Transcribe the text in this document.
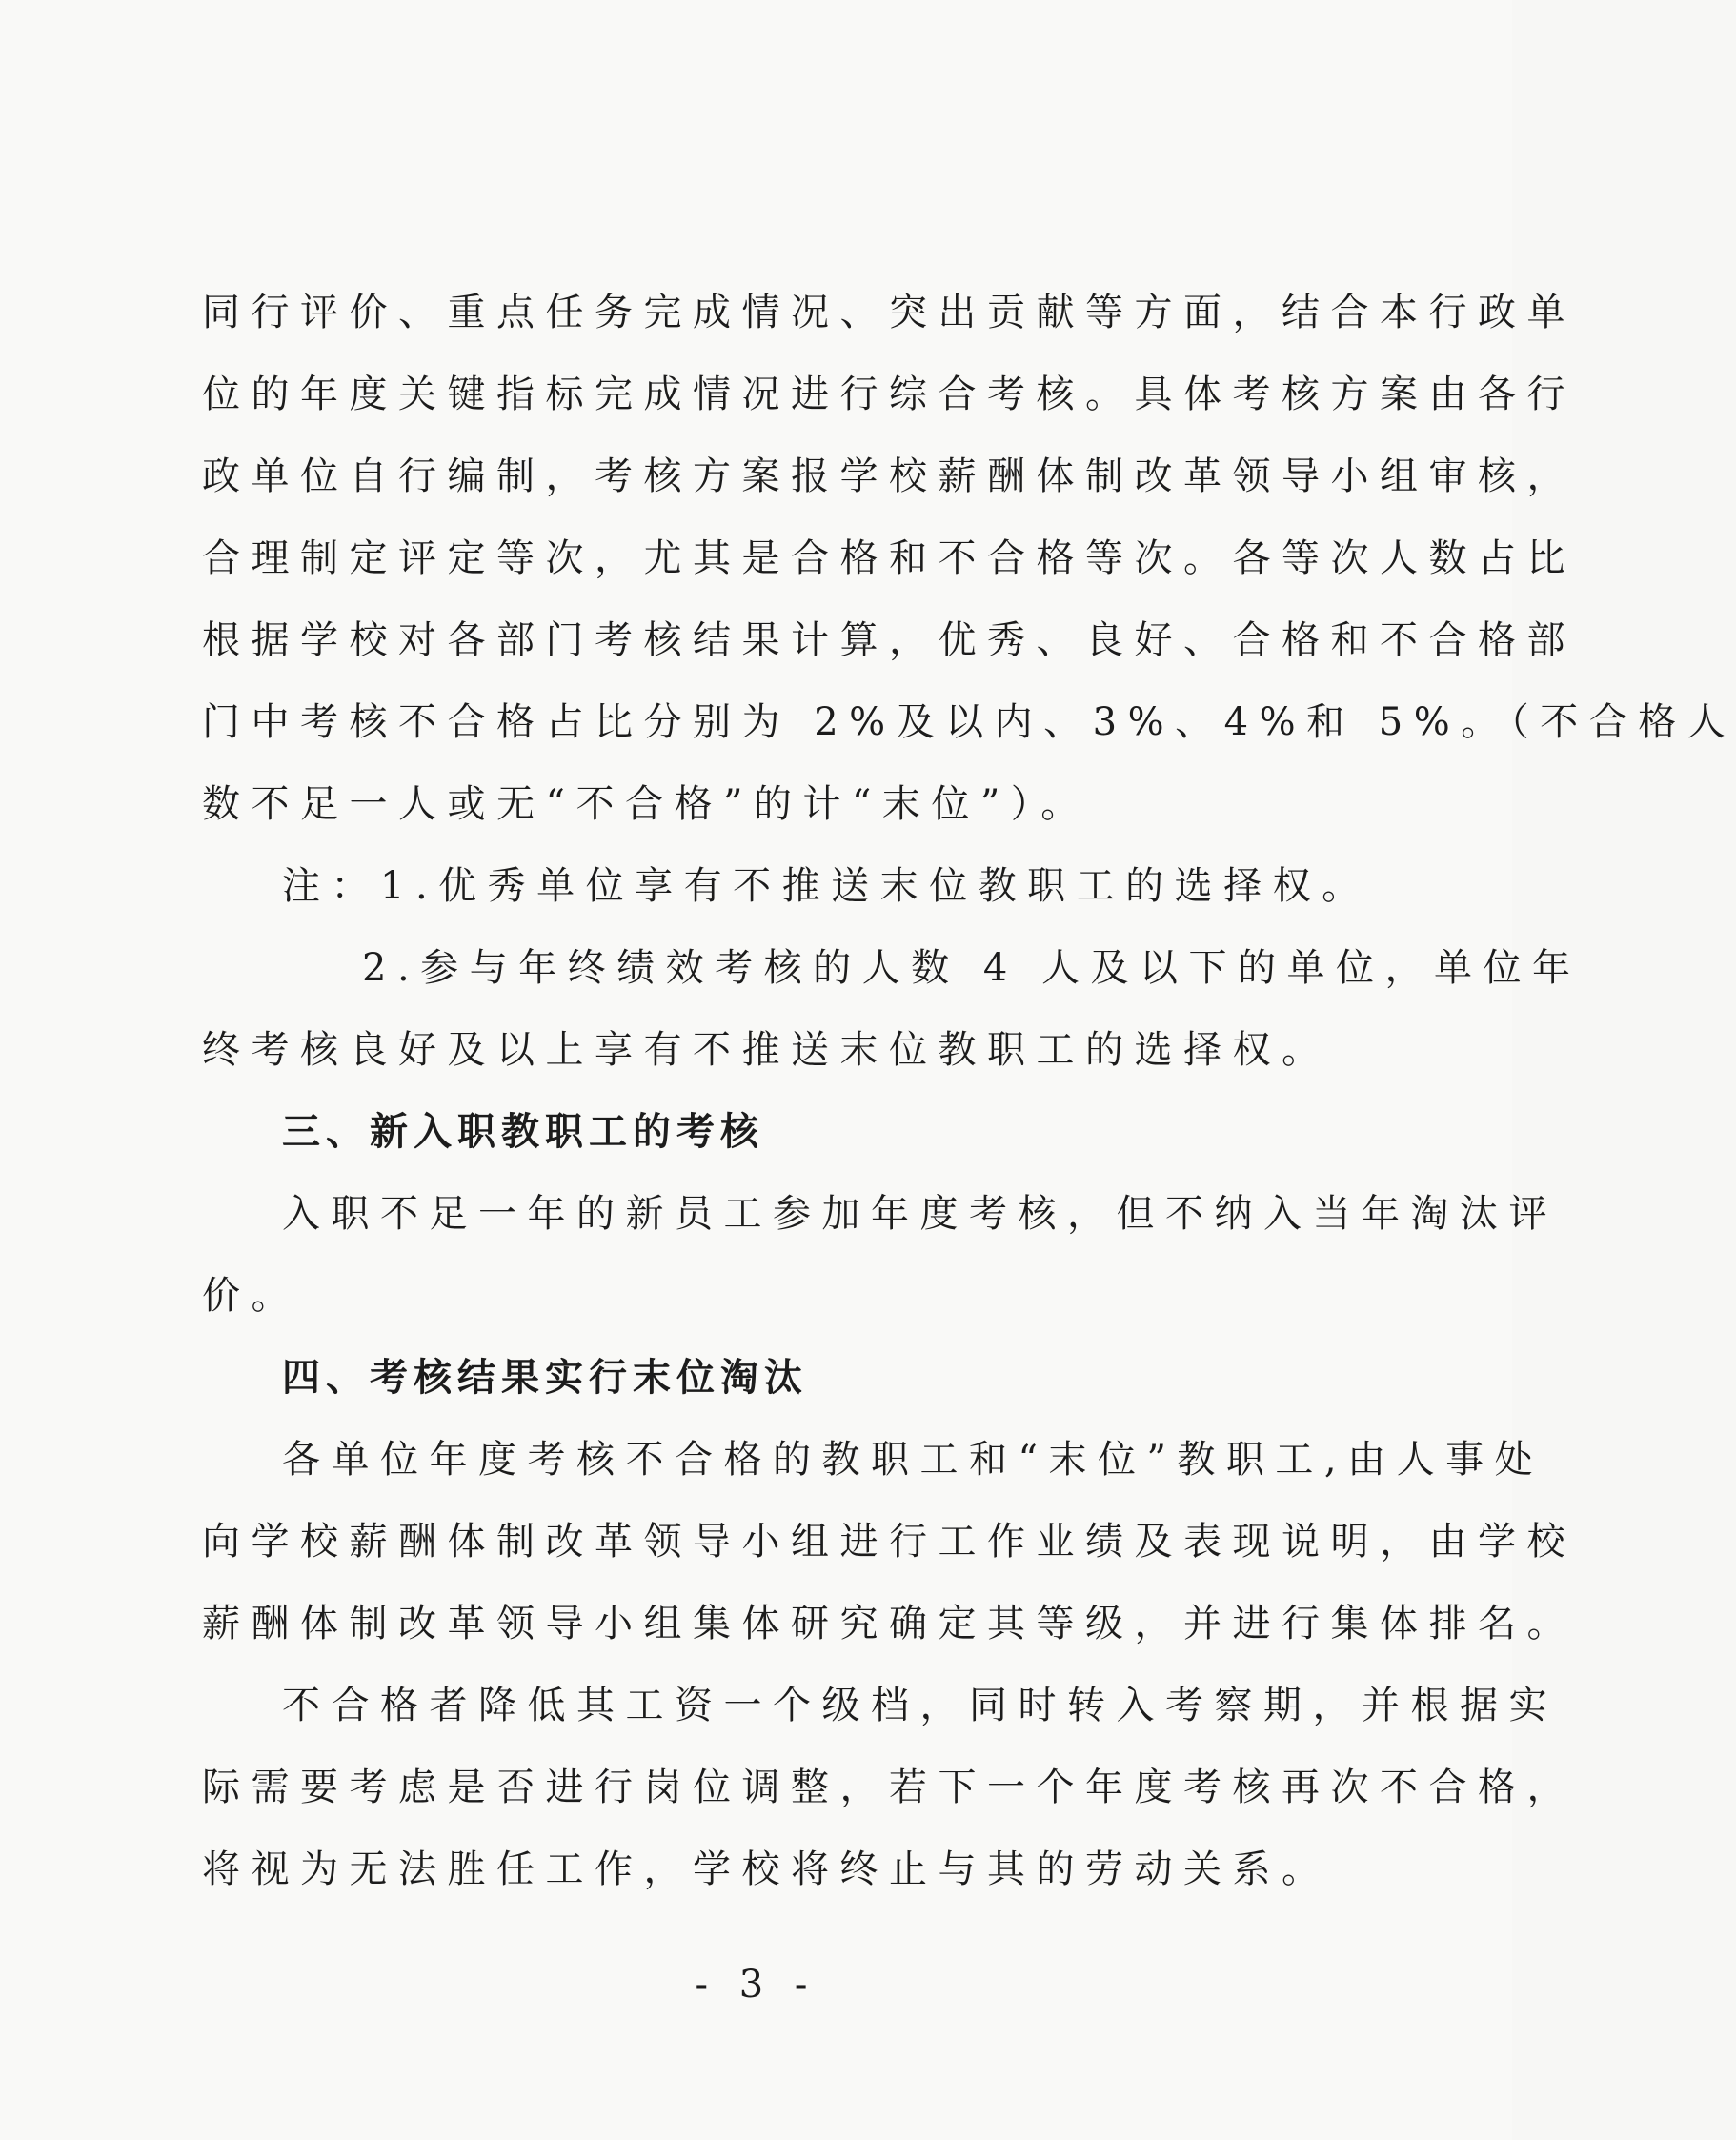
同行评价、重点任务完成情况、突出贡献等方面，结合本行政单
位的年度关键指标完成情况进行综合考核。具体考核方案由各行
政单位自行编制，考核方案报学校薪酬体制改革领导小组审核，
合理制定评定等次，尤其是合格和不合格等次。各等次人数占比
根据学校对各部门考核结果计算，优秀、良好、合格和不合格部
门中考核不合格占比分别为 2%及以内、3%、4%和 5%。（不合格人
数不足一人或无“不合格”的计“末位”）。
注：1.优秀单位享有不推送末位教职工的选择权。
2.参与年终绩效考核的人数 4 人及以下的单位，单位年
终考核良好及以上享有不推送末位教职工的选择权。
三、新入职教职工的考核
入职不足一年的新员工参加年度考核，但不纳入当年淘汰评
价。
四、考核结果实行末位淘汰
各单位年度考核不合格的教职工和“末位”教职工,由人事处
向学校薪酬体制改革领导小组进行工作业绩及表现说明，由学校
薪酬体制改革领导小组集体研究确定其等级，并进行集体排名。
不合格者降低其工资一个级档，同时转入考察期，并根据实
际需要考虑是否进行岗位调整，若下一个年度考核再次不合格，
将视为无法胜任工作，学校将终止与其的劳动关系。
- 3 -
